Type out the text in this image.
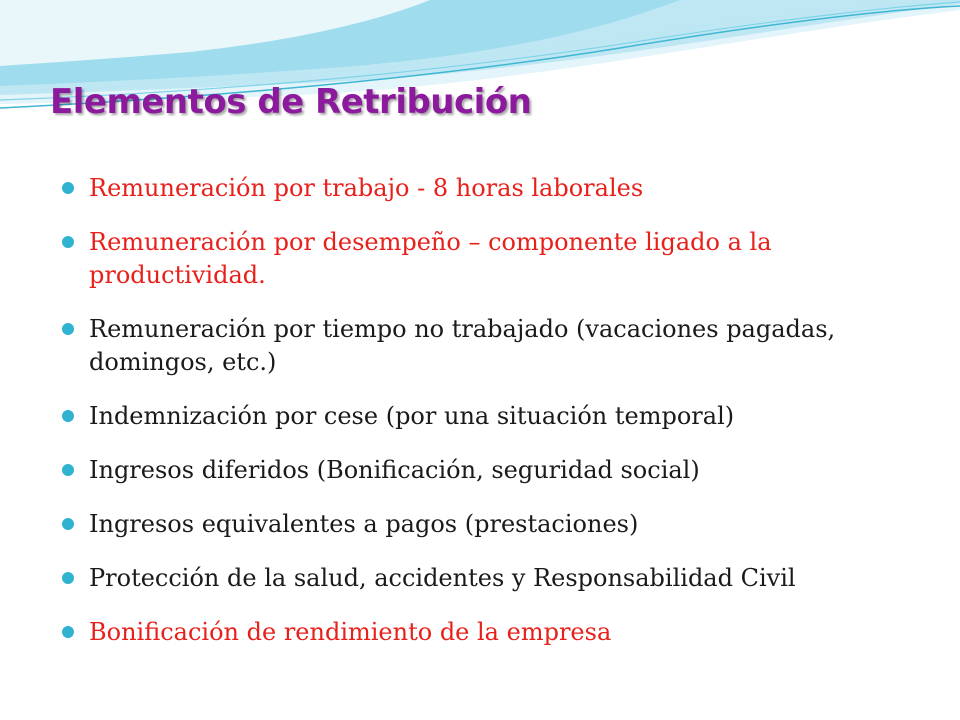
Elementos de Retribución
Remuneración por trabajo - 8 horas laborales
Remuneración por desempeño – componente ligado a la productividad.
Remuneración por tiempo no trabajado (vacaciones pagadas, domingos, etc.)
Indemnización por cese (por una situación temporal)
Ingresos diferidos (Bonificación, seguridad social)
Ingresos equivalentes a pagos (prestaciones)
Protección de la salud, accidentes y Responsabilidad Civil
Bonificación de rendimiento de la empresa
